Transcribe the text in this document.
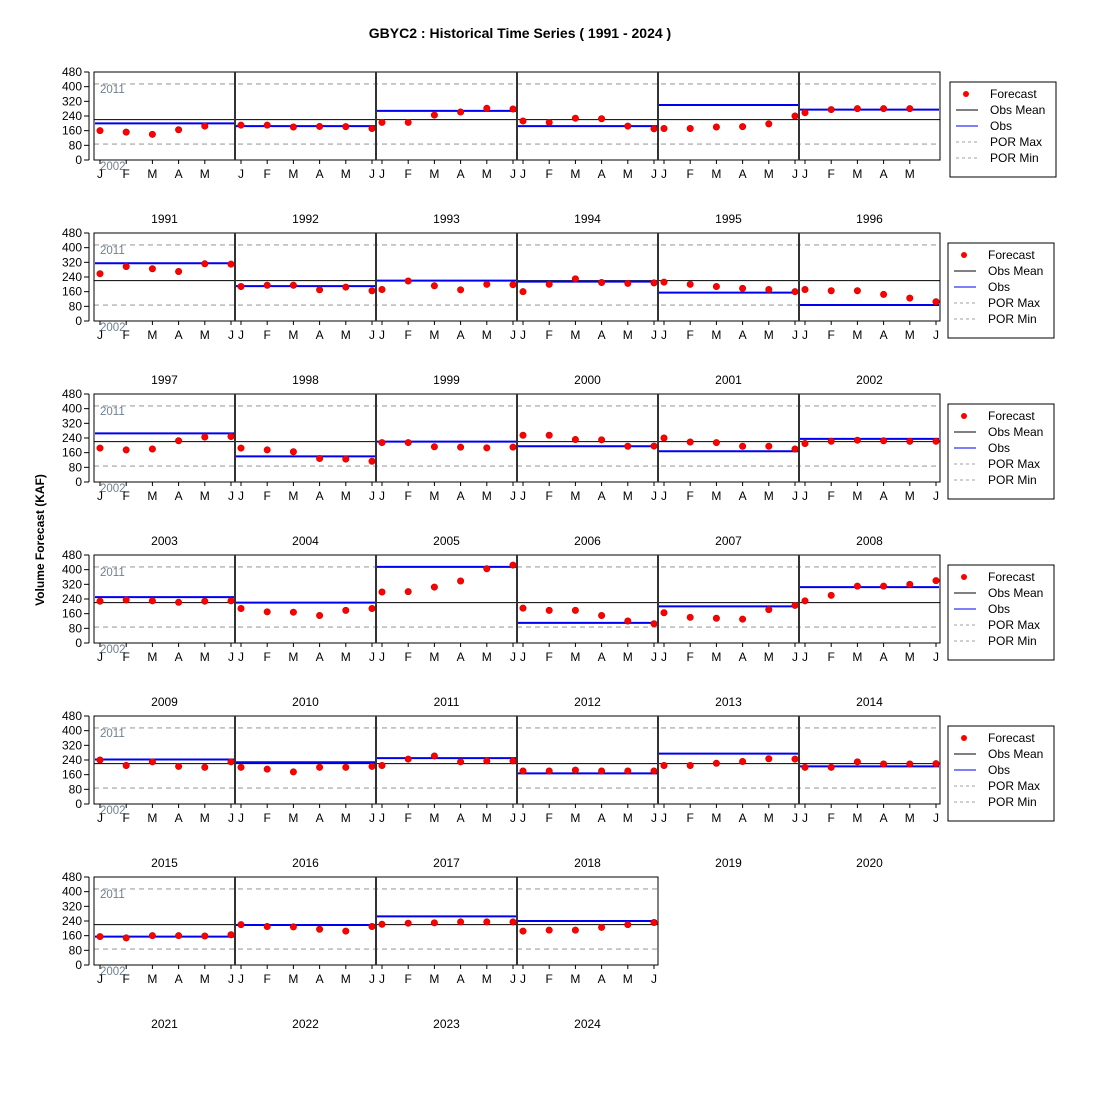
GBYC2 : Historical Time Series ( 1991 - 2024 )
Volume Forecast (KAF)
0
80
160
240
320
400
480
2011
2002
J F M A M
1991
J F M A M J
1992
J F M A M J
1993
J F M A M J
1994
J F M A M J
1995
J F M A M
1996
Forecast
Obs Mean
Obs
POR Max
POR Min
0
80
160
240
320
400
480
2011
2002
J F M A M J
1997
J F M A M J
1998
J F M A M J
1999
J F M A M J
2000
J F M A M J
2001
J F M A M J
2002
Forecast
Obs Mean
Obs
POR Max
POR Min
0
80
160
240
320
400
480
2011
2002
J F M A M J
2003
J F M A M J
2004
J F M A M J
2005
J F M A M J
2006
J F M A M J
2007
J F M A M J
2008
Forecast
Obs Mean
Obs
POR Max
POR Min
0
80
160
240
320
400
480
2011
2002
J F M A M J
2009
J F M A M J
2010
J F M A M J
2011
J F M A M J
2012
J F M A M J
2013
J F M A M J
2014
Forecast
Obs Mean
Obs
POR Max
POR Min
0
80
160
240
320
400
480
2011
2002
J F M A M J
2015
J F M A M J
2016
J F M A M J
2017
J F M A M J
2018
J F M A M J
2019
J F M A M J
2020
Forecast
Obs Mean
Obs
POR Max
POR Min
0
80
160
240
320
400
480
2011
2002
J F M A M J
2021
J F M A M J
2022
J F M A M J
2023
J F M A M J
2024
